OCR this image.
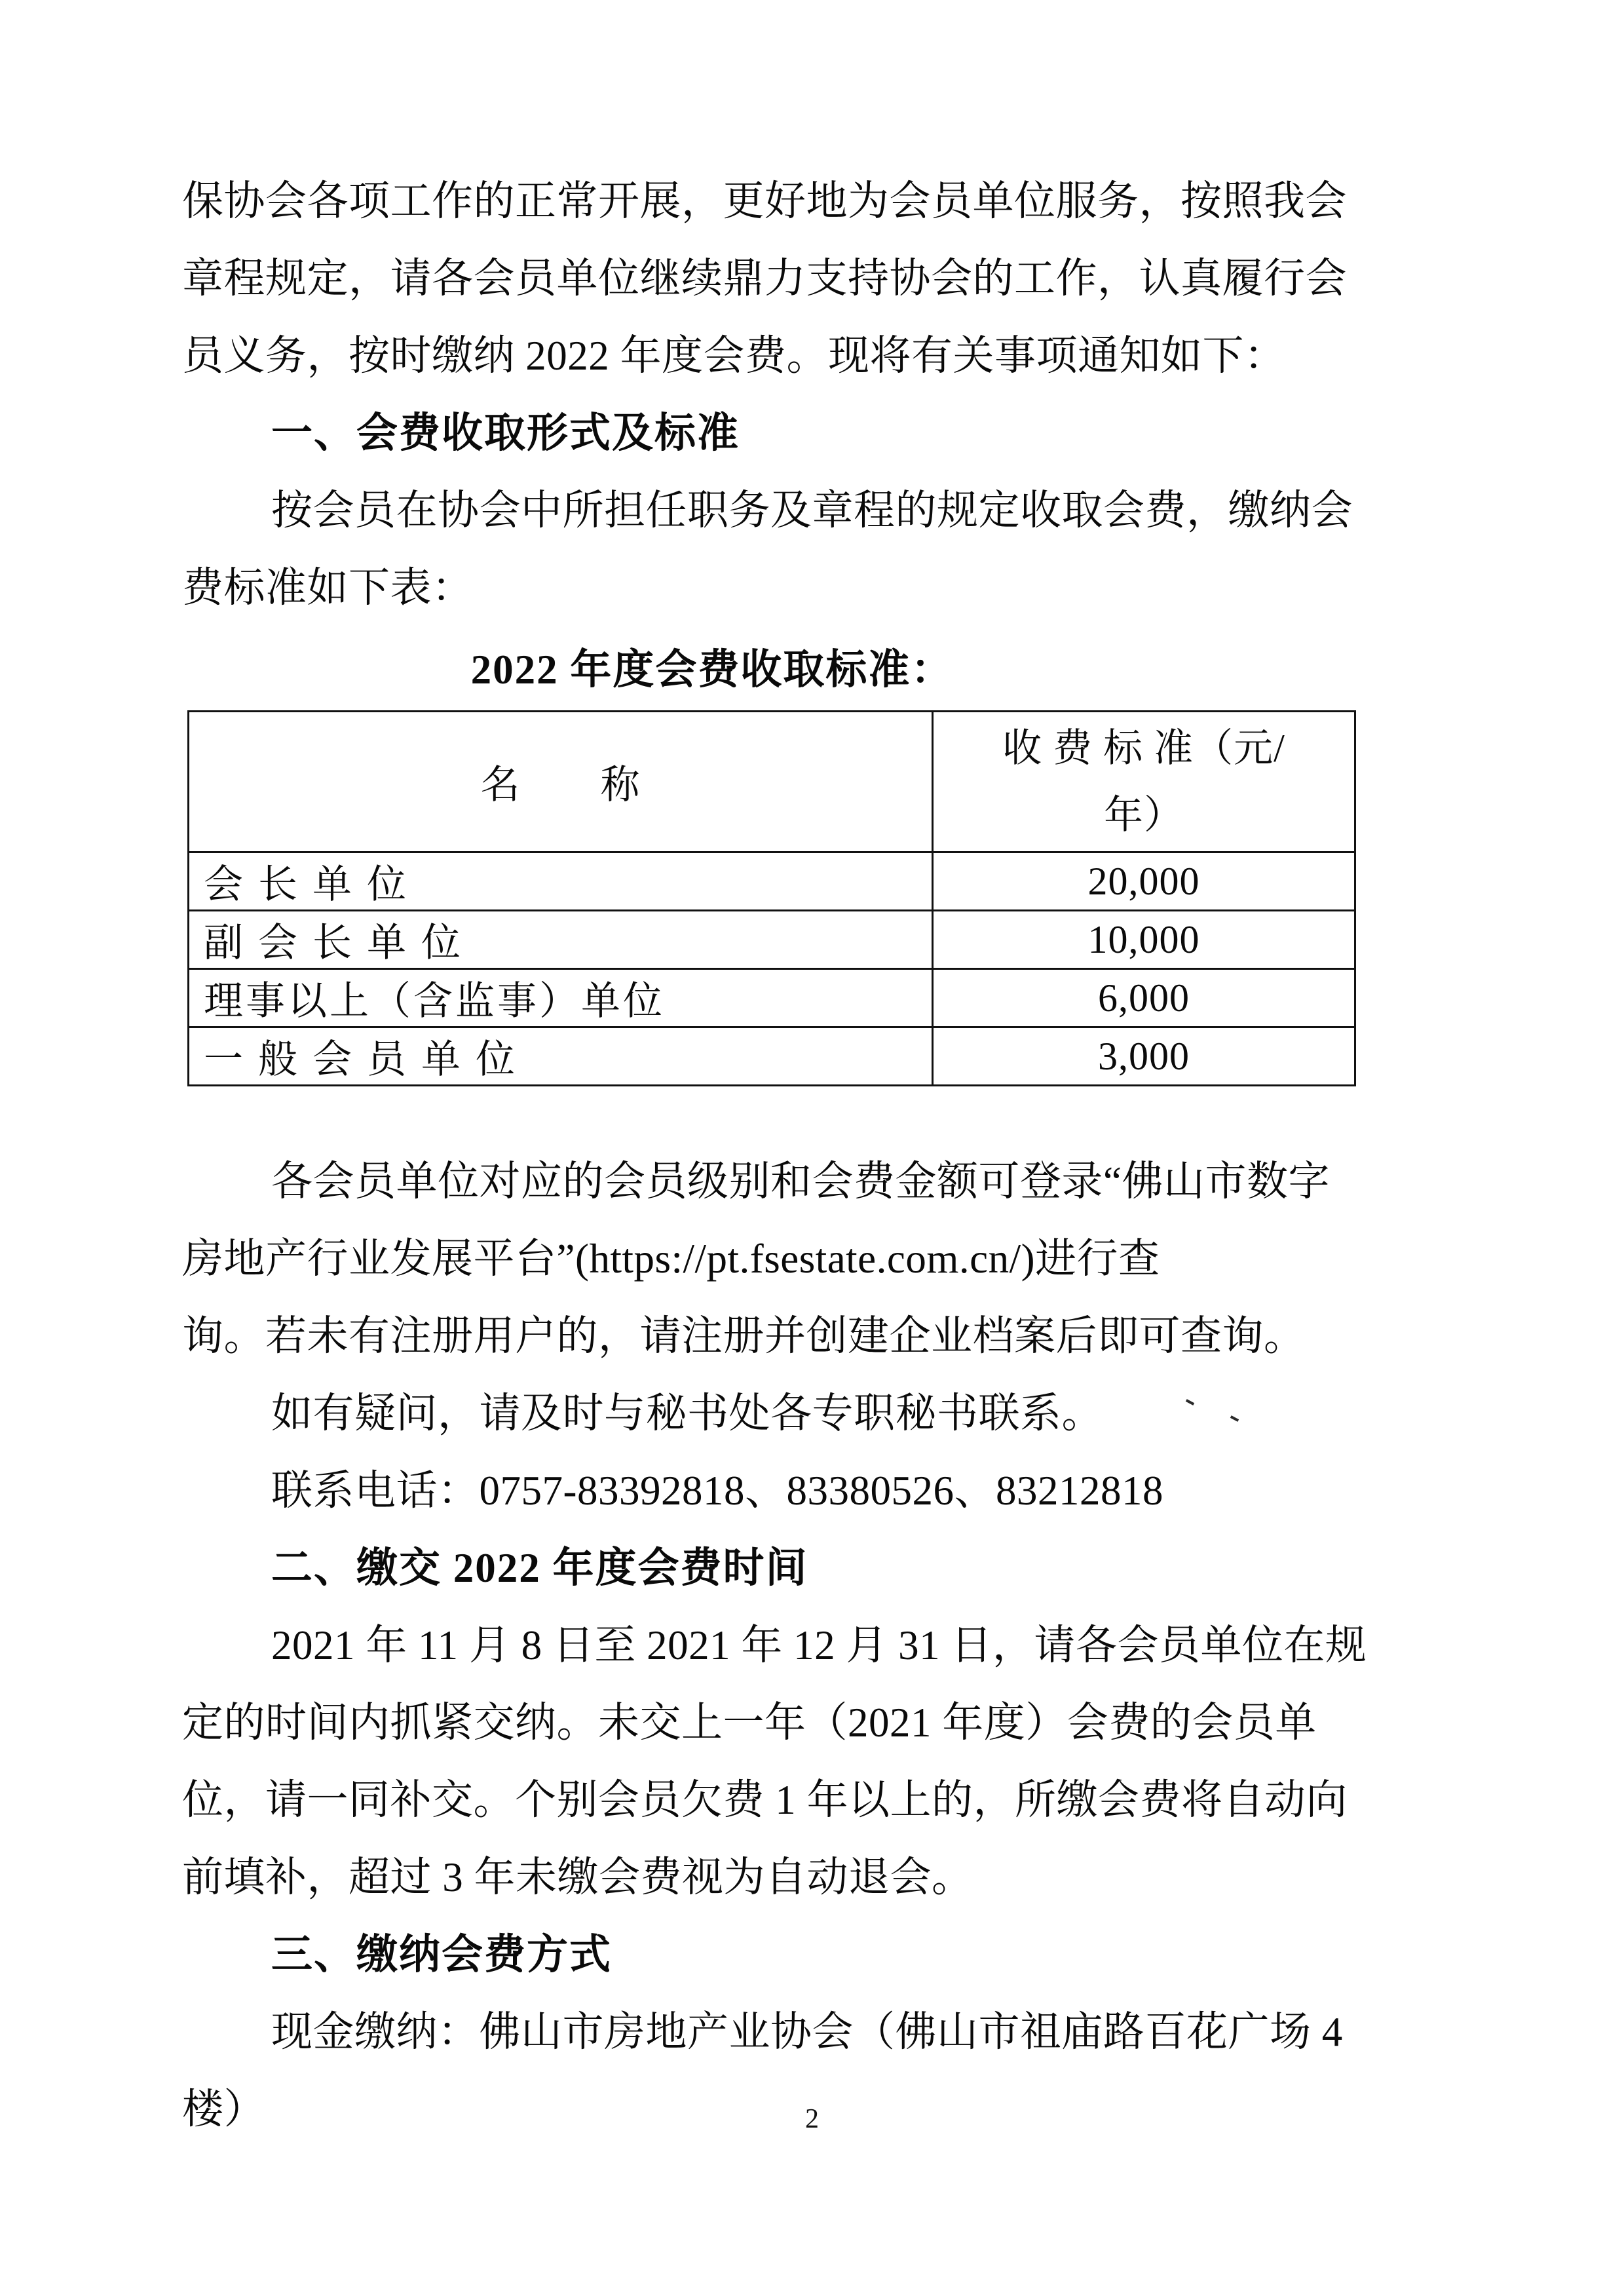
保协会各项工作的正常开展，更好地为会员单位服务，按照我会
章程规定，请各会员单位继续鼎力支持协会的工作，认真履行会
员义务，按时缴纳 2022 年度会费。现将有关事项通知如下：
一、会费收取形式及标准
按会员在协会中所担任职务及章程的规定收取会费，缴纳会
费标准如下表：
2022 年度会费收取标准：
名　　称	收 费 标 准（元/
年）
会 长 单 位	20,000
副 会 长 单 位	10,000
理事以上（含监事）单位	6,000
一 般 会 员 单 位	3,000
各会员单位对应的会员级别和会费金额可登录“佛山市数字
房地产行业发展平台”(https://pt.fsestate.com.cn/)进行查
询。若未有注册用户的，请注册并创建企业档案后即可查询。
如有疑问，请及时与秘书处各专职秘书联系。
联系电话：0757-83392818、83380526、83212818
二、缴交 2022 年度会费时间
2021 年 11 月 8 日至 2021 年 12 月 31 日，请各会员单位在规
定的时间内抓紧交纳。未交上一年（2021 年度）会费的会员单
位，请一同补交。个别会员欠费 1 年以上的，所缴会费将自动向
前填补，超过 3 年未缴会费视为自动退会。
三、缴纳会费方式
现金缴纳：佛山市房地产业协会（佛山市祖庙路百花广场 4
楼）	2
